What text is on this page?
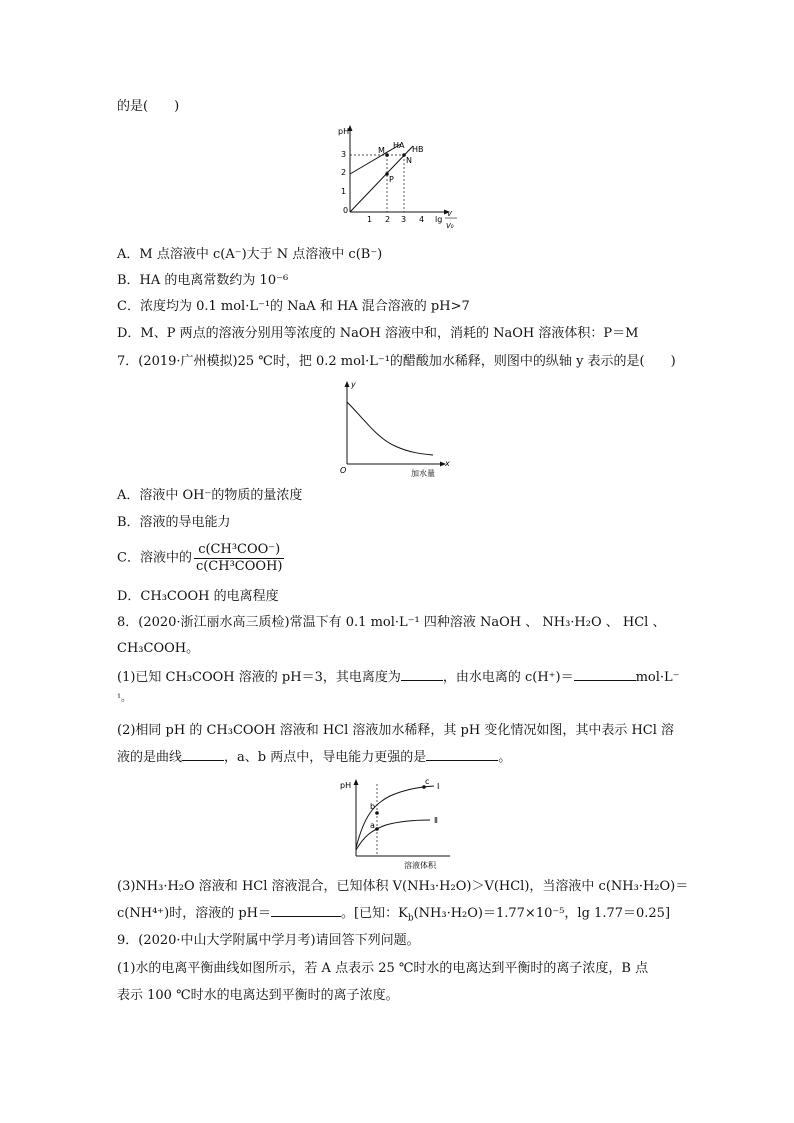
的是(　　)
pH
1
2
3
0
1 2 3 4 lg
V
V₀
M
N
P
HA HB
A．M 点溶液中 c(A⁻)大于 N 点溶液中 c(B⁻)
B．HA 的电离常数约为 10⁻⁶
C．浓度均为 0.1 mol·L⁻¹的 NaA 和 HA 混合溶液的 pH>7
D．M、P 两点的溶液分别用等浓度的 NaOH 溶液中和，消耗的 NaOH 溶液体积：P＝M
7．(2019·广州模拟)25 ℃时，把 0.2 mol·L⁻¹的醋酸加水稀释，则图中的纵轴 y 表示的是(　　)
y
x
O	加水量
A．溶液中 OH⁻的物质的量浓度
B．溶液的导电能力
C．溶液中的 $\frac{\text{c(CH³COO⁻)}}{\text{c(CH³COOH)}}$
D．CH₃COOH 的电离程度
8．(2020·浙江丽水高三质检)常温下有 0.1 mol·L⁻¹ 四种溶液 NaOH 、 NH₃·H₂O 、 HCl 、
CH₃COOH。
(1)已知 CH₃COOH 溶液的 pH＝3，其电离度为	，由水电离的 c(H⁺)＝	mol·L⁻
¹。
(2)相同 pH 的 CH₃COOH 溶液和 HCl 溶液加水稀释，其 pH 变化情况如图，其中表示 HCl 溶
液的是曲线	，a、b 两点中，导电能力更强的是	。
pH
溶液体积
b
a
c
Ⅰ
Ⅱ
(3)NH₃·H₂O 溶液和 HCl 溶液混合，已知体积 V(NH₃·H₂O)＞V(HCl)，当溶液中 c(NH₃·H₂O)＝
c(NH⁴⁺)时，溶液的 pH＝	。[已知：$K_b(NH_3\cdot H_2O)=1.77\times 10^{-5}$，lg 1.77＝0.25]
9．(2020·中山大学附属中学月考)请回答下列问题。
(1)水的电离平衡曲线如图所示，若 A 点表示 25 ℃时水的电离达到平衡时的离子浓度，B 点
表示 100 ℃时水的电离达到平衡时的离子浓度。
